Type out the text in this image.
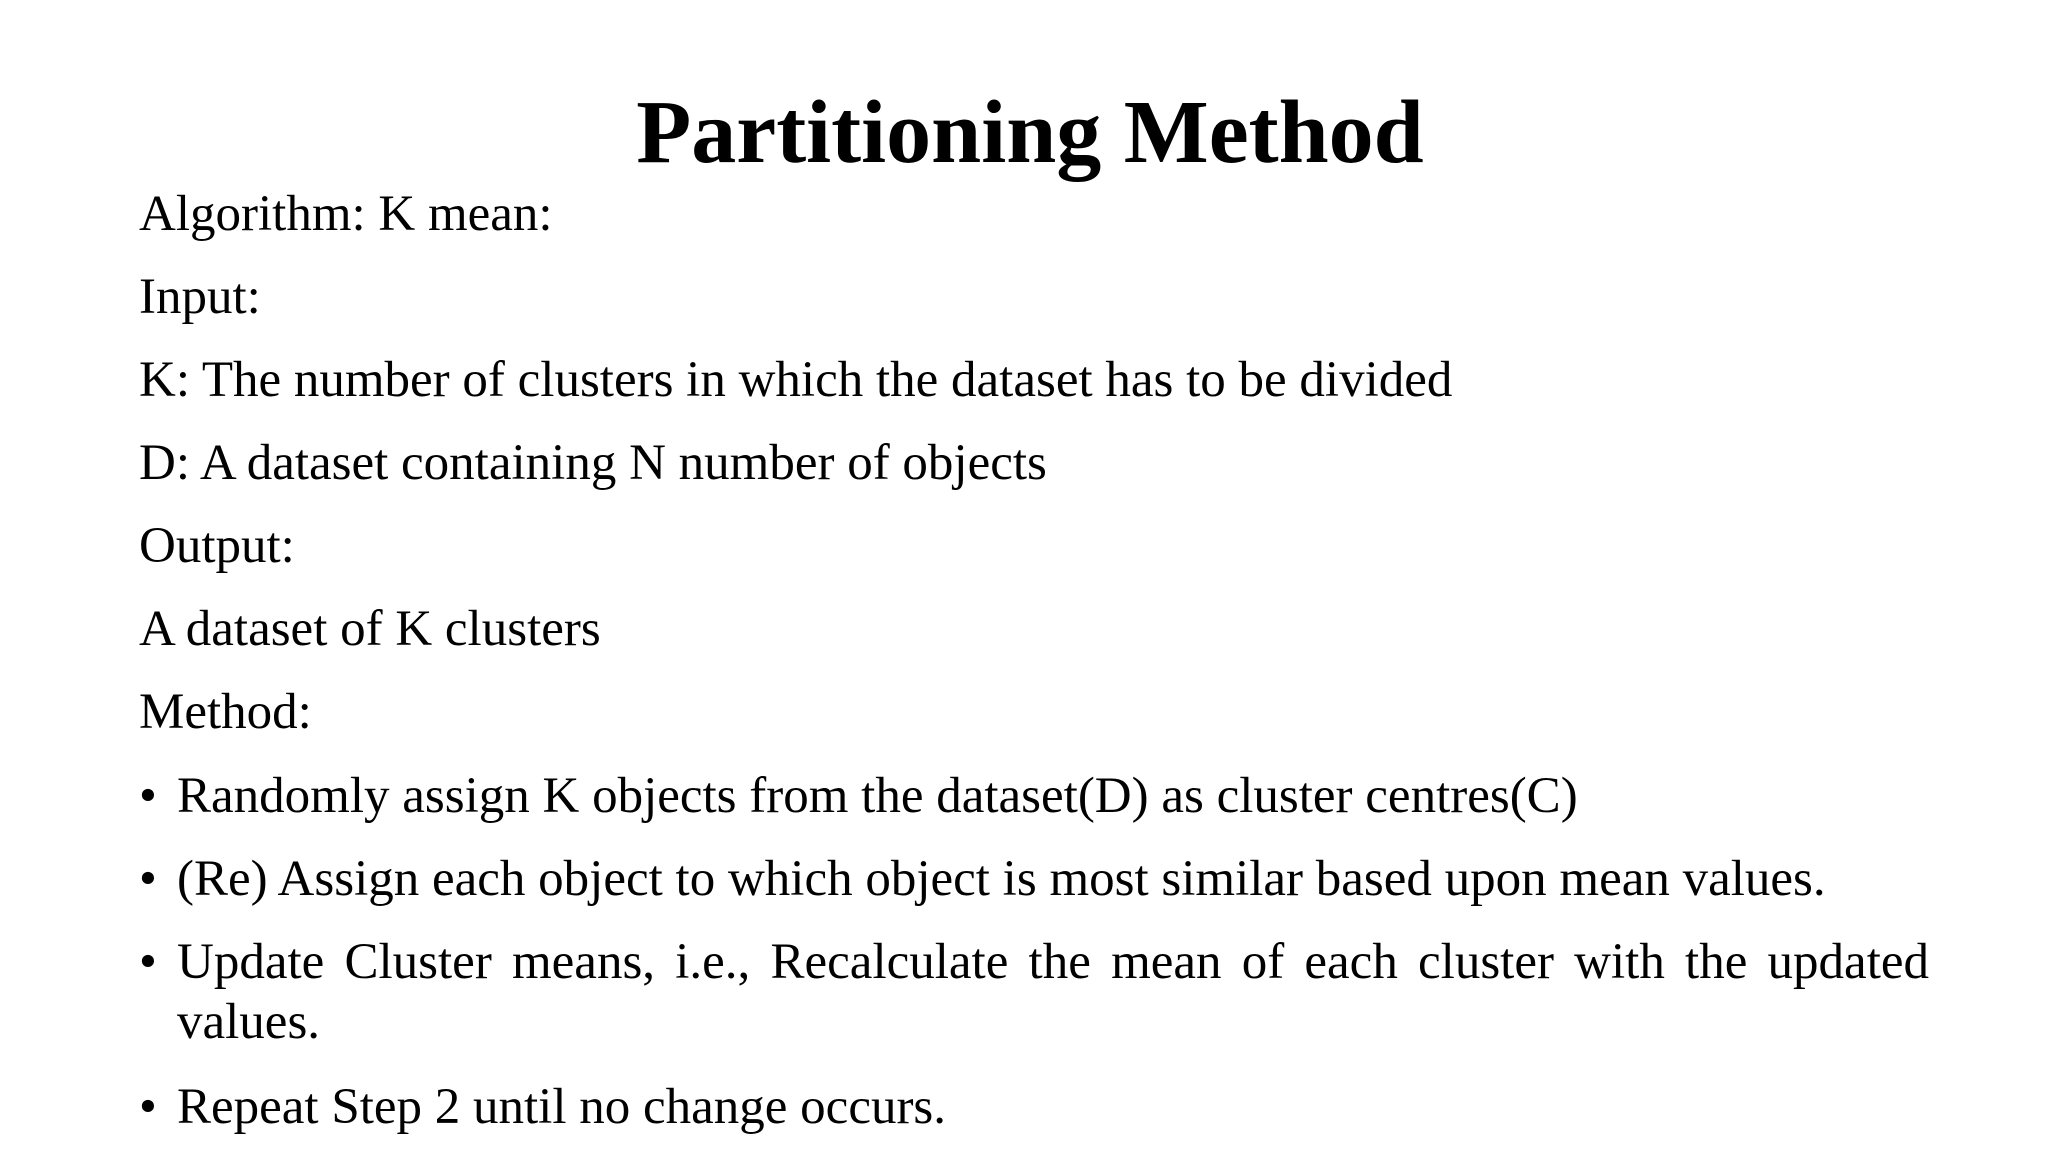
Partitioning Method

Algorithm: K mean:

Input:

K: The number of clusters in which the dataset has to be divided

D: A dataset containing N number of objects

Output:

A dataset of K clusters

Method:

• Randomly assign K objects from the dataset(D) as cluster centres(C)
• (Re) Assign each object to which object is most similar based upon mean values.
• Update Cluster means, i.e., Recalculate the mean of each cluster with the updated values.
• Repeat Step 2 until no change occurs.
